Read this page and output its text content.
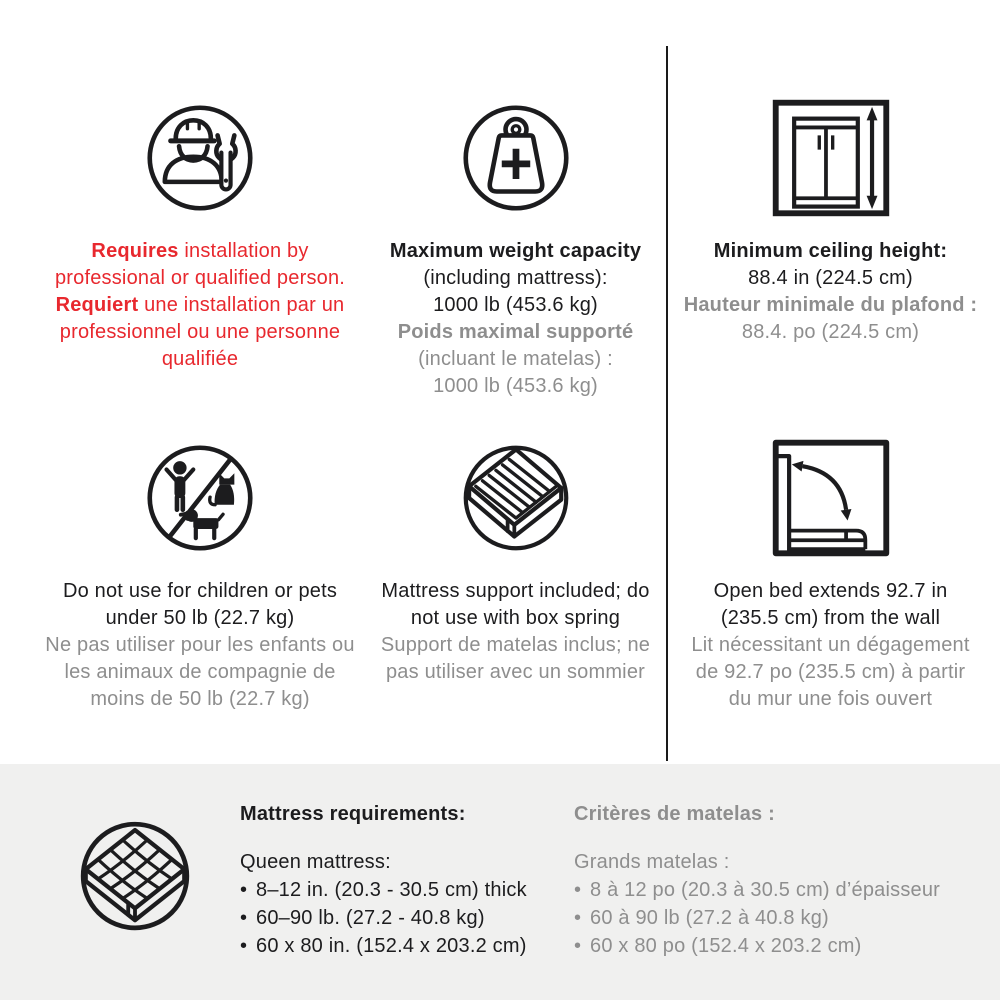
Requires installation by professional or qualified person. Requiert une installation par un professionnel ou une personne qualifiée

Maximum weight capacity
(including mattress):
1000 lb (453.6 kg)

Poids maximal supporté
(incluant le matelas) :
1000 lb (453.6 kg)

Minimum ceiling height:
88.4 in (224.5 cm)

Hauteur minimale du plafond :
88.4. po (224.5 cm)

Do not use for children or pets under 50 lb (22.7 kg)

Ne pas utiliser pour les enfants ou les animaux de compagnie de moins de 50 lb (22.7 kg)

Mattress support included; do not use with box spring

Support de matelas inclus; ne pas utiliser avec un sommier

Open bed extends 92.7 in (235.5 cm) from the wall

Lit nécessitant un dégagement de 92.7 po (235.5 cm) à partir du mur une fois ouvert

Mattress requirements:
Queen mattress:
• 8–12 in. (20.3 - 30.5 cm) thick
• 60–90 lb. (27.2 - 40.8 kg)
• 60 x 80 in. (152.4 x 203.2 cm)
Critères de matelas :
Grands matelas :
• 8 à 12 po (20.3 à 30.5 cm) d’épaisseur
• 60 à 90 lb (27.2 à 40.8 kg)
• 60 x 80 po (152.4 x 203.2 cm)
